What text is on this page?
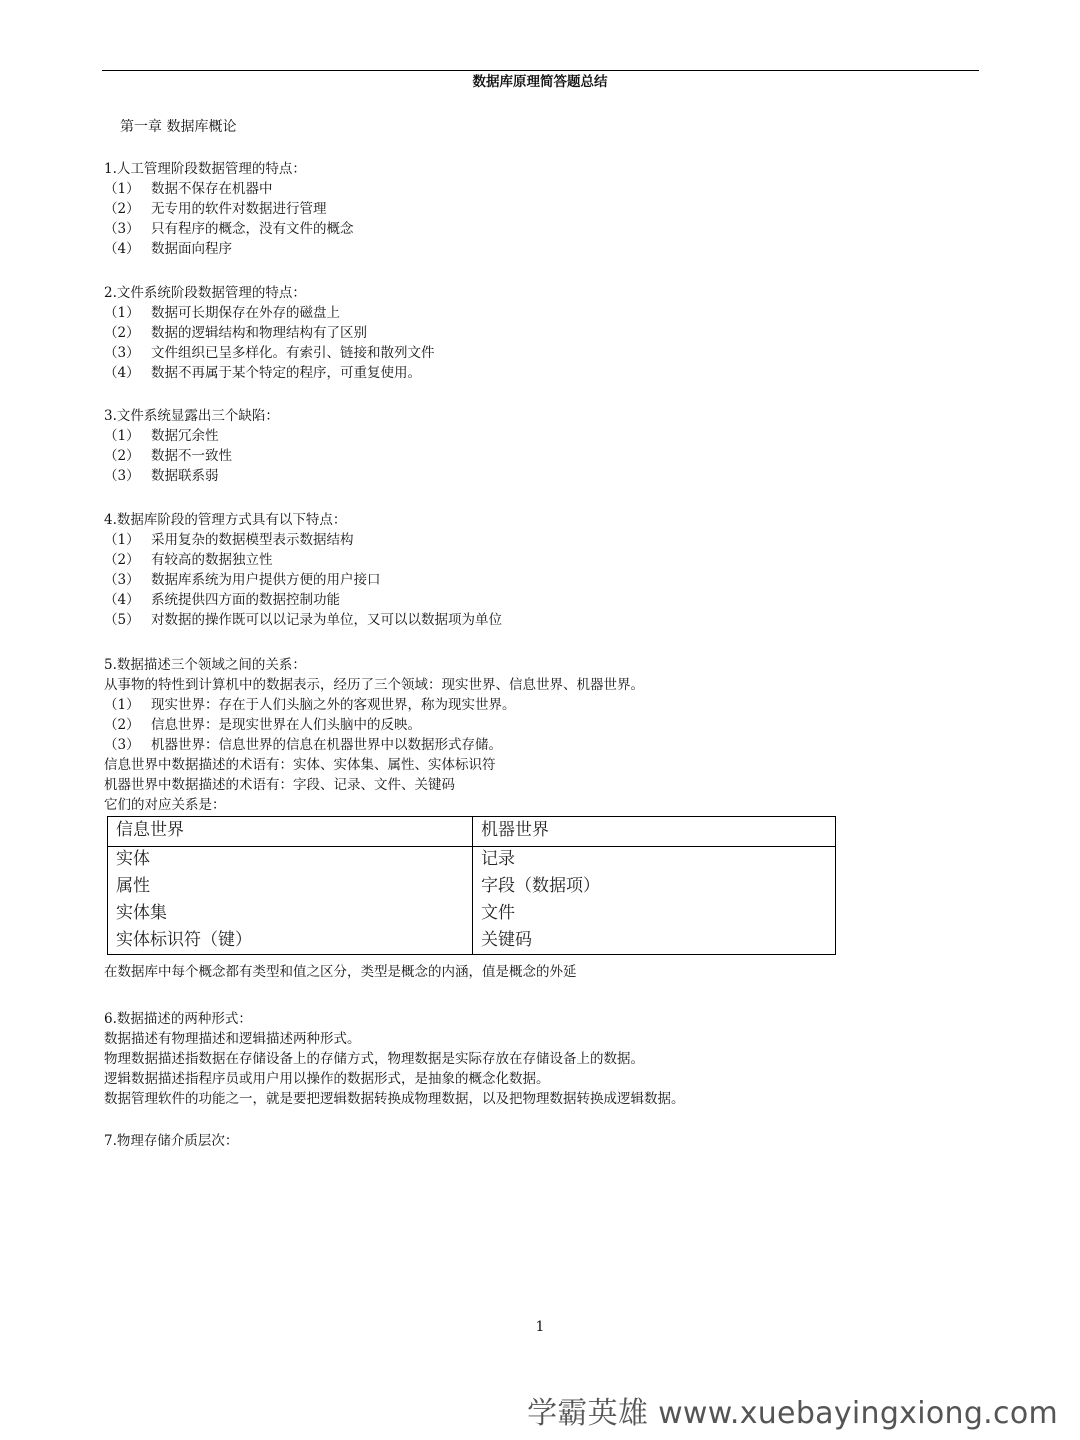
数据库原理简答题总结
第一章 数据库概论
1.人工管理阶段数据管理的特点：
（1） 数据不保存在机器中
（2） 无专用的软件对数据进行管理
（3） 只有程序的概念，没有文件的概念
（4） 数据面向程序
2.文件系统阶段数据管理的特点：
（1） 数据可长期保存在外存的磁盘上
（2） 数据的逻辑结构和物理结构有了区别
（3） 文件组织已呈多样化。有索引、链接和散列文件
（4） 数据不再属于某个特定的程序，可重复使用。
3.文件系统显露出三个缺陷：
（1） 数据冗余性
（2） 数据不一致性
（3） 数据联系弱
4.数据库阶段的管理方式具有以下特点：
（1） 采用复杂的数据模型表示数据结构
（2） 有较高的数据独立性
（3） 数据库系统为用户提供方便的用户接口
（4） 系统提供四方面的数据控制功能
（5） 对数据的操作既可以以记录为单位，又可以以数据项为单位
5.数据描述三个领域之间的关系：
从事物的特性到计算机中的数据表示，经历了三个领域：现实世界、信息世界、机器世界。
（1） 现实世界：存在于人们头脑之外的客观世界，称为现实世界。
（2） 信息世界：是现实世界在人们头脑中的反映。
（3） 机器世界：信息世界的信息在机器世界中以数据形式存储。
信息世界中数据描述的术语有：实体、实体集、属性、实体标识符
机器世界中数据描述的术语有：字段、记录、文件、关键码
它们的对应关系是：
信息世界	机器世界
实体	记录
属性	字段（数据项）
实体集	文件
实体标识符（键）	关键码
在数据库中每个概念都有类型和值之区分，类型是概念的内涵，值是概念的外延
6.数据描述的两种形式：
数据描述有物理描述和逻辑描述两种形式。
物理数据描述指数据在存储设备上的存储方式，物理数据是实际存放在存储设备上的数据。
逻辑数据描述指程序员或用户用以操作的数据形式，是抽象的概念化数据。
数据管理软件的功能之一，就是要把逻辑数据转换成物理数据，以及把物理数据转换成逻辑数据。
7.物理存储介质层次：
1
学霸英雄 www.xuebayingxiong.com
